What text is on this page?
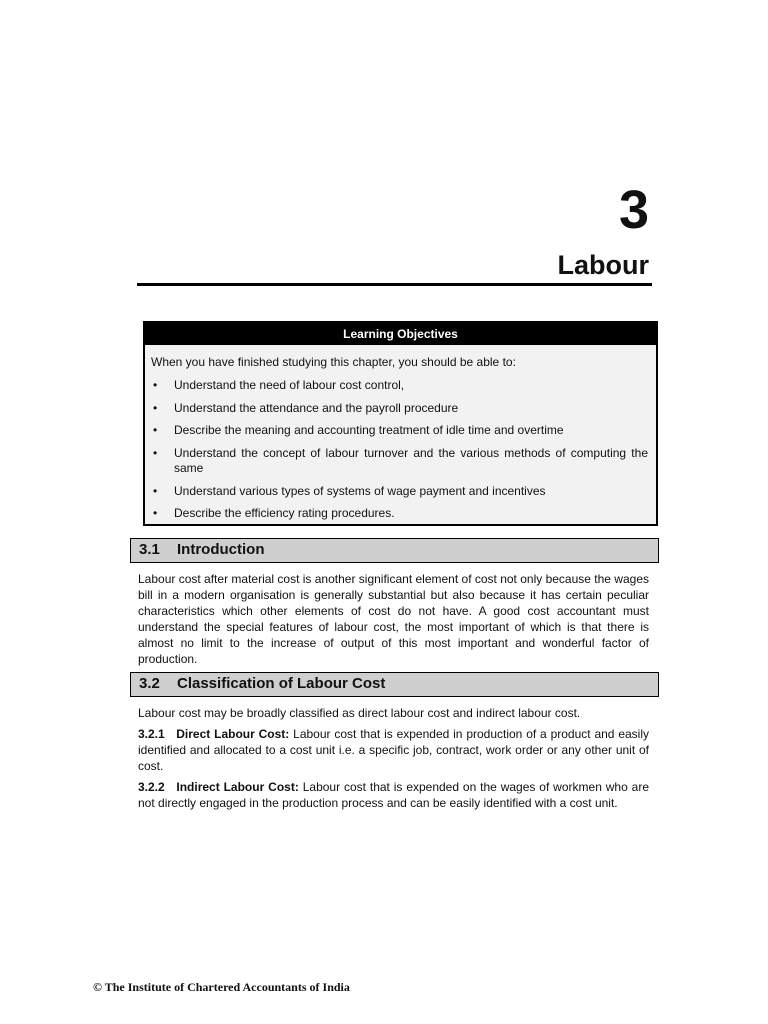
3
Labour
Learning Objectives
When you have finished studying this chapter, you should be able to:
• Understand the need of labour cost control,
• Understand the attendance and the payroll procedure
• Describe the meaning and accounting treatment of idle time and overtime
• Understand the concept of labour turnover and the various methods of computing the same
• Understand various types of systems of wage payment and incentives
• Describe the efficiency rating procedures.
3.1 Introduction

Labour cost after material cost is another significant element of cost not only because the wages bill in a modern organisation is generally substantial but also because it has certain peculiar characteristics which other elements of cost do not have. A good cost accountant must understand the special features of labour cost, the most important of which is that there is almost no limit to the increase of output of this most important and wonderful factor of production.

3.2 Classification of Labour Cost

Labour cost may be broadly classified as direct labour cost and indirect labour cost.

3.2.1 Direct Labour Cost: Labour cost that is expended in production of a product and easily identified and allocated to a cost unit i.e. a specific job, contract, work order or any other unit of cost.

3.2.2 Indirect Labour Cost: Labour cost that is expended on the wages of workmen who are not directly engaged in the production process and can be easily identified with a cost unit.

© The Institute of Chartered Accountants of India
